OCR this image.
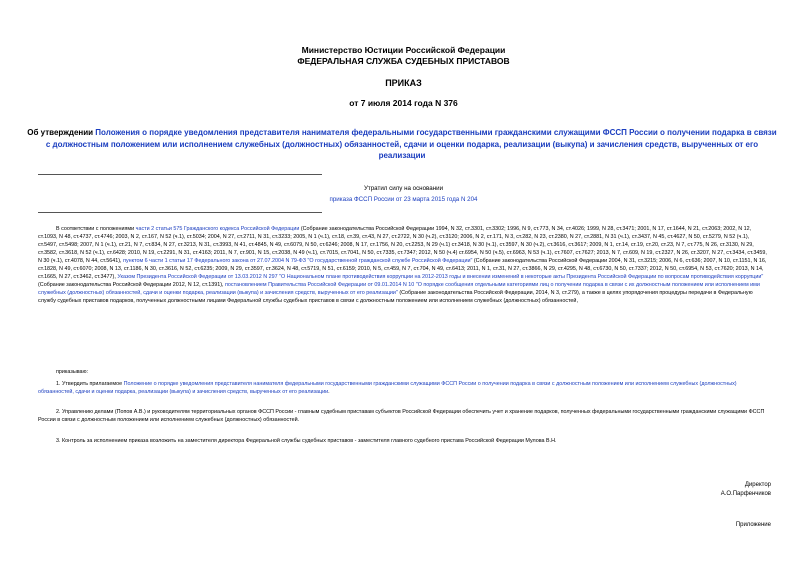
Министерство Юстиции Российской Федерации
ФЕДЕРАЛЬНАЯ СЛУЖБА СУДЕБНЫХ ПРИСТАВОВ
ПРИКАЗ
от 7 июля 2014 года N 376
Об утверждении Положения о порядке уведомления представителя нанимателя федеральными государственными гражданскими служащими ФССП России о получении подарка в связи с должностным положением или исполнением служебных (должностных) обязанностей, сдачи и оценки подарка, реализации (выкупа) и зачисления средств, вырученных от его реализации
Утратил силу на основании
приказа ФССП России от 23 марта 2015 года N 204
В соответствии с положениями части 2 статьи 575 Гражданского кодекса Российской Федерации (Собрание законодательства Российской Федерации 1994, N 32, ст.3301, ст.3302; 1996, N 9, ст.773, N 34, ст.4026; 1999, N 28, ст.3471; 2001, N 17, ст.1644, N 21, ст.2063; 2002, N 12, ст.1093, N 48, ст.4737, ст.4746; 2003, N 2, ст.167, N 52 (ч.1), ст.5034; 2004, N 27, ст.2711, N 31, ст.3233; 2005, N 1 (ч.1), ст.18, ст.39, ст.43, N 27, ст.2722, N 30 (ч.2), ст.3120; 2006, N 2, ст.171, N 3, ст.282, N 23, ст.2380, N 27, ст.2881, N 31 (ч.1), ст.3437, N 45, ст.4627, N 50, ст.5279, N 52 (ч.1), ст.5497, ст.5498; 2007, N 1 (ч.1), ст.21, N 7, ст.834, N 27, ст.3213, N 31, ст.3993, N 41, ст.4845, N 49, ст.6079, N 50, ст.6246; 2008, N 17, ст.1756, N 20, ст.2253, N 29 (ч.1) ст.3418, N 30 (ч.1), ст.3597, N 30 (ч.2), ст.3616, ст.3617; 2009, N 1, ст.14, ст.19, ст.20, ст.23, N 7, ст.775, N 26, ст.3130, N 29, ст.3582, ст.3618, N 52 (ч.1), ст.6428; 2010, N 19, ст.2291, N 31, ст.4163; 2011, N 7, ст.901, N 15, ст.2038, N 49 (ч.1), ст.7015, ст.7041, N 50, ст.7335, ст.7347; 2012, N 50 (ч.4) ст.6954, N 50 (ч.5), ст.6963, N 53 (ч.1), ст.7607, ст.7627; 2013, N 7, ст.609, N 19, ст.2327, N 26, ст.3207, N 27, ст.3434, ст.3459, N 30 (ч.1), ст.4078, N 44, ст.5641), пунктом 6 части 1 статьи 17 Федерального закона от 27.07.2004 N 79-ФЗ "О государственной гражданской службе Российской Федерации" (Собрание законодательства Российской Федерации 2004, N 31, ст.3215; 2006, N 6, ст.636; 2007, N 10, ст.1151, N 16, ст.1828, N 49, ст.6070; 2008, N 13, ст.1186, N 30, ст.3616, N 52, ст.6235; 2009, N 29, ст.3597, ст.3624, N 48, ст.5719, N 51, ст.6159; 2010, N 5, ст.459, N 7, ст.704, N 49, ст.6413; 2011, N 1, ст.31, N 27, ст.3866, N 29, ст.4295, N 48, ст.6730, N 50, ст.7337; 2012, N 50, ст.6954, N 53, ст.7620; 2013, N 14, ст.1665, N 27, ст.3462, ст.3477), Указом Президента Российской Федерации от 13.03.2012 N 297 "О Национальном плане противодействия коррупции на 2012-2013 годы и внесении изменений в некоторые акты Президента Российской Федерации по вопросам противодействия коррупции" (Собрание законодательства Российской Федерации 2012, N 12, ст.1391), постановлением Правительства Российской Федерации от 09.01.2014 N 10 "О порядке сообщения отдельными категориями лиц о получении подарка в связи с их должностным положением или исполнением ими служебных (должностных) обязанностей, сдачи и оценки подарка, реализации (выкупа) и зачисления средств, вырученных от его реализации" (Собрание законодательства Российской Федерации, 2014, N 3, ст.279), а также в целях упорядочения процедуры передачи в Федеральную службу судебных приставов подарков, полученных должностными лицами Федеральной службы судебных приставов в связи с должностным положением или исполнением служебных (должностных) обязанностей,
приказываю:
1. Утвердить прилагаемое Положение о порядке уведомления представителя нанимателя федеральными государственными гражданскими служащими ФССП России о получении подарка в связи с должностным положением или исполнением служебных (должностных) обязанностей, сдачи и оценки подарка, реализации (выкупа) и зачисления средств, вырученных от его реализации.
2. Управлению делами (Попов А.В.) и руководителям территориальных органов ФССП России - главным судебным приставам субъектов Российской Федерации обеспечить учет и хранение подарков, полученных федеральными государственными гражданскими служащими ФССП России в связи с должностным положением или исполнением служебных (должностных) обязанностей.
3. Контроль за исполнением приказа возложить на заместителя директора Федеральной службы судебных приставов - заместителя главного судебного пристава Российской Федерации Мулова В.Н.
Директор
А.О.Парфенчиков
Приложение
